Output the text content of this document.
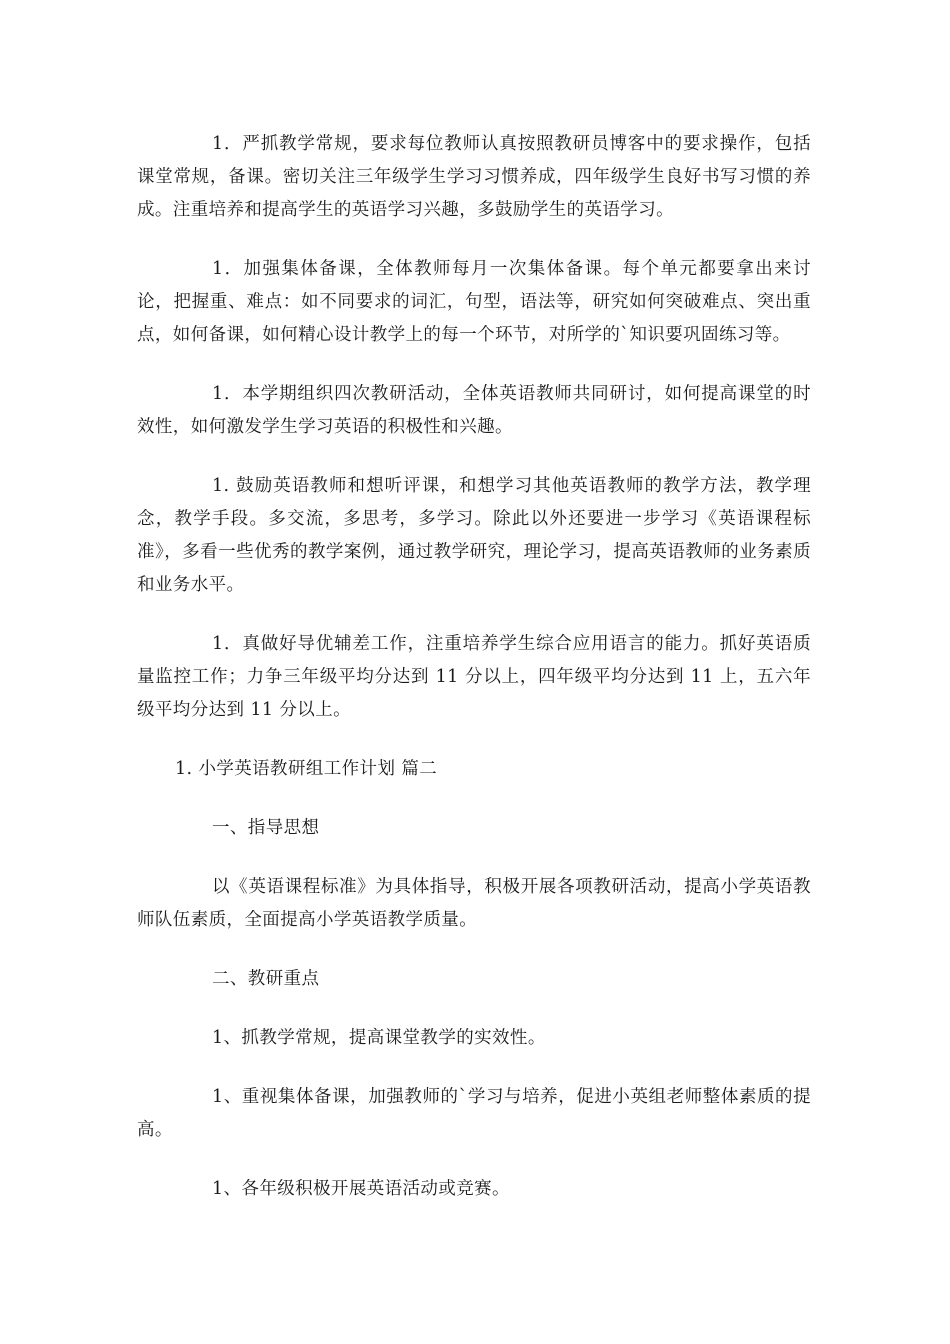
1．严抓教学常规，要求每位教师认真按照教研员博客中的要求操作，包括课堂常规，备课。密切关注三年级学生学习习惯养成，四年级学生良好书写习惯的养成。注重培养和提高学生的英语学习兴趣，多鼓励学生的英语学习。

1．加强集体备课，全体教师每月一次集体备课。每个单元都要拿出来讨论，把握重、难点：如不同要求的词汇，句型，语法等，研究如何突破难点、突出重点，如何备课，如何精心设计教学上的每一个环节，对所学的`知识要巩固练习等。

1．本学期组织四次教研活动，全体英语教师共同研讨，如何提高课堂的时效性，如何激发学生学习英语的积极性和兴趣。

1. 鼓励英语教师和想听评课，和想学习其他英语教师的教学方法，教学理念，教学手段。多交流，多思考，多学习。除此以外还要进一步学习《英语课程标准》，多看一些优秀的教学案例，通过教学研究，理论学习，提高英语教师的业务素质和业务水平。

1．真做好导优辅差工作，注重培养学生综合应用语言的能力。抓好英语质量监控工作；力争三年级平均分达到 11 分以上，四年级平均分达到 11 上，五六年级平均分达到 11 分以上。

1. 小学英语教研组工作计划 篇二

一、指导思想

以《英语课程标准》为具体指导，积极开展各项教研活动，提高小学英语教师队伍素质，全面提高小学英语教学质量。

二、教研重点

1、抓教学常规，提高课堂教学的实效性。

1、重视集体备课，加强教师的`学习与培养，促进小英组老师整体素质的提高。

1、各年级积极开展英语活动或竞赛。
